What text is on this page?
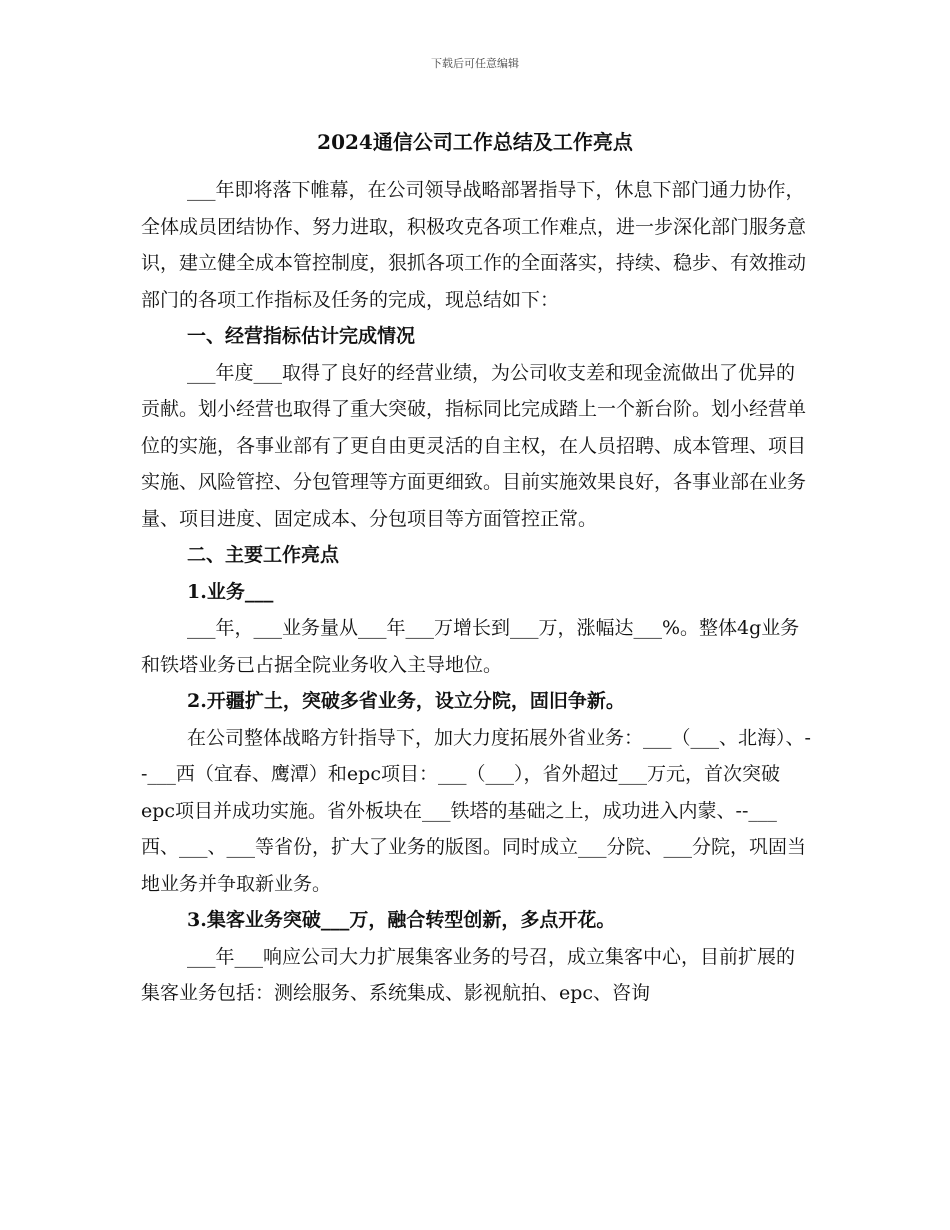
下载后可任意编辑
2024通信公司工作总结及工作亮点

___年即将落下帷幕，在公司领导战略部署指导下，休息下部门通力协作，全体成员团结协作、努力进取，积极攻克各项工作难点，进一步深化部门服务意识，建立健全成本管控制度，狠抓各项工作的全面落实，持续、稳步、有效推动部门的各项工作指标及任务的完成，现总结如下：

一、经营指标估计完成情况

___年度___取得了良好的经营业绩，为公司收支差和现金流做出了优异的贡献。划小经营也取得了重大突破，指标同比完成踏上一个新台阶。划小经营单位的实施，各事业部有了更自由更灵活的自主权，在人员招聘、成本管理、项目实施、风险管控、分包管理等方面更细致。目前实施效果良好，各事业部在业务量、项目进度、固定成本、分包项目等方面管控正常。

二、主要工作亮点

1.业务___

___年，___业务量从___年___万增长到___万，涨幅达___%。整体4g业务和铁塔业务已占据全院业务收入主导地位。

2.开疆扩土，突破多省业务，设立分院，固旧争新。

在公司整体战略方针指导下，加大力度拓展外省业务：___（___、北海）、--___西（宜春、鹰潭）和epc项目：___（___），省外超过___万元，首次突破epc项目并成功实施。省外板块在___铁塔的基础之上，成功进入内蒙、--___西、___、___等省份，扩大了业务的版图。同时成立___分院、___分院，巩固当地业务并争取新业务。

3.集客业务突破___万，融合转型创新，多点开花。

___年___响应公司大力扩展集客业务的号召，成立集客中心，目前扩展的集客业务包括：测绘服务、系统集成、影视航拍、epc、咨询
